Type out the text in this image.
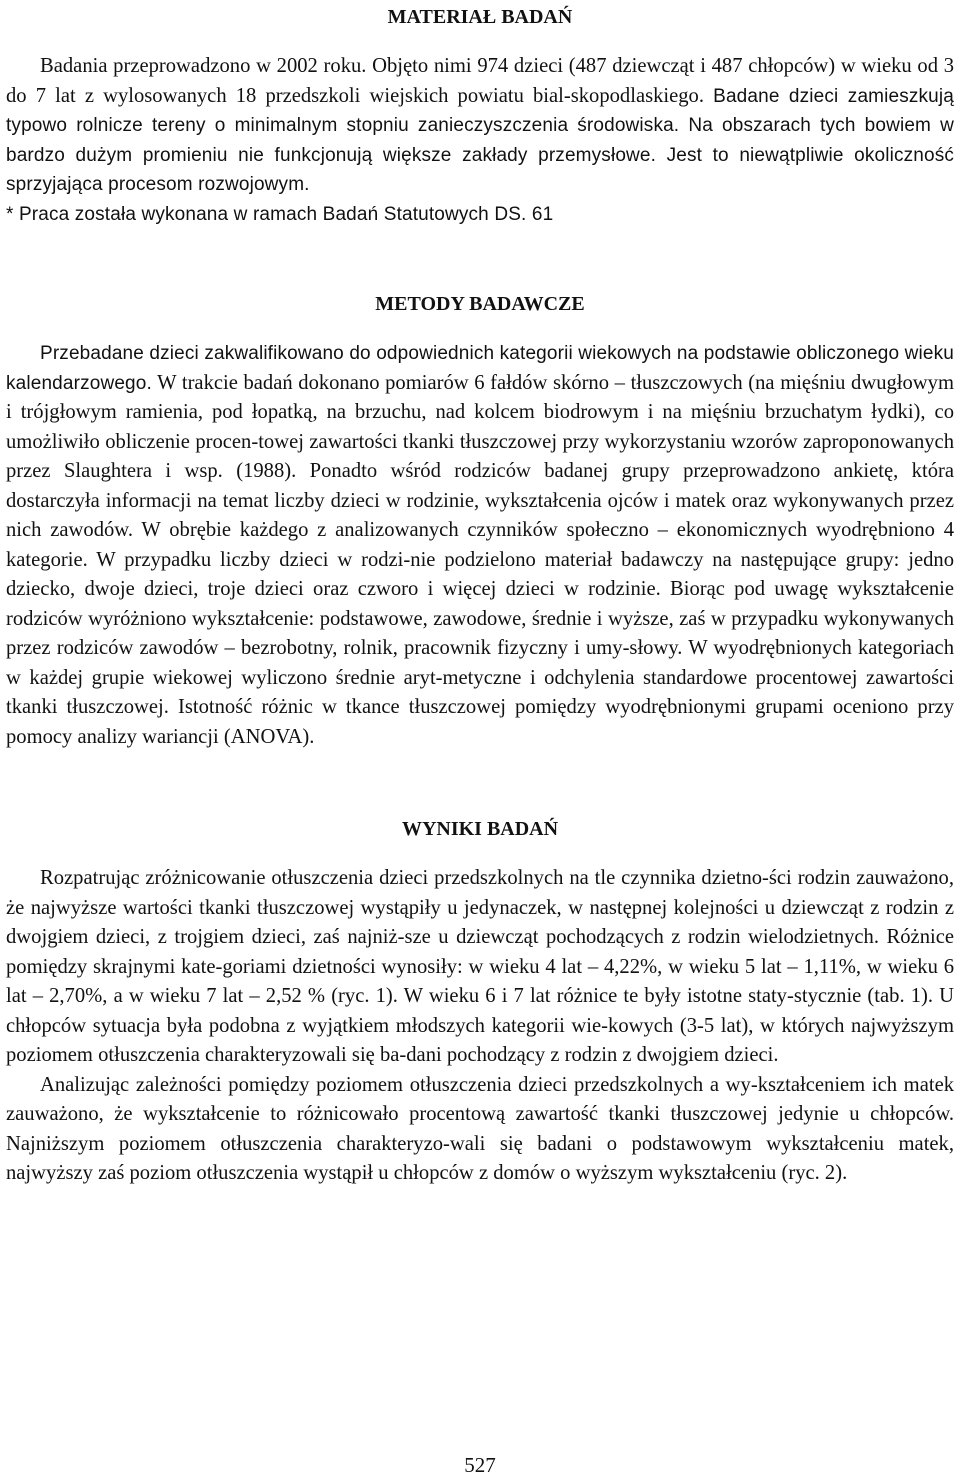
MATERIAŁ BADAŃ

Badania przeprowadzono w 2002 roku. Objęto nimi 974 dzieci (487 dziewcząt i 487 chłopców) w wieku od 3 do 7 lat z wylosowanych 18 przedszkoli wiejskich powiatu bial-skopodlaskiego. Badane dzieci zamieszkują typowo rolnicze tereny o minimalnym stopniu zanieczyszczenia środowiska. Na obszarach tych bowiem w bardzo dużym promieniu nie funkcjonują większe zakłady przemysłowe. Jest to niewątpliwie okoliczność sprzyjająca procesom rozwojowym.

* Praca została wykonana w ramach Badań Statutowych DS. 61

METODY BADAWCZE

Przebadane dzieci zakwalifikowano do odpowiednich kategorii wiekowych na podstawie obliczonego wieku kalendarzowego. W trakcie badań dokonano pomiarów 6 fałdów skórno – tłuszczowych (na mięśniu dwugłowym i trójgłowym ramienia, pod łopatką, na brzuchu, nad kolcem biodrowym i na mięśniu brzuchatym łydki), co umożliwiło obliczenie procen-towej zawartości tkanki tłuszczowej przy wykorzystaniu wzorów zaproponowanych przez Slaughtera i wsp. (1988). Ponadto wśród rodziców badanej grupy przeprowadzono ankietę, która dostarczyła informacji na temat liczby dzieci w rodzinie, wykształcenia ojców i matek oraz wykonywanych przez nich zawodów. W obrębie każdego z analizowanych czynników społeczno – ekonomicznych wyodrębniono 4 kategorie. W przypadku liczby dzieci w rodzi-nie podzielono materiał badawczy na następujące grupy: jedno dziecko, dwoje dzieci, troje dzieci oraz czworo i więcej dzieci w rodzinie. Biorąc pod uwagę wykształcenie rodziców wyróżniono wykształcenie: podstawowe, zawodowe, średnie i wyższe, zaś w przypadku wykonywanych przez rodziców zawodów – bezrobotny, rolnik, pracownik fizyczny i umy-słowy. W wyodrębnionych kategoriach w każdej grupie wiekowej wyliczono średnie aryt-metyczne i odchylenia standardowe procentowej zawartości tkanki tłuszczowej. Istotność różnic w tkance tłuszczowej pomiędzy wyodrębnionymi grupami oceniono przy pomocy analizy wariancji (ANOVA).

WYNIKI BADAŃ

Rozpatrując zróżnicowanie otłuszczenia dzieci przedszkolnych na tle czynnika dzietno-ści rodzin zauważono, że najwyższe wartości tkanki tłuszczowej wystąpiły u jedynaczek, w następnej kolejności u dziewcząt z rodzin z dwojgiem dzieci, z trojgiem dzieci, zaś najniż-sze u dziewcząt pochodzących z rodzin wielodzietnych. Różnice pomiędzy skrajnymi kate-goriami dzietności wynosiły: w wieku 4 lat – 4,22%, w wieku 5 lat – 1,11%, w wieku 6 lat – 2,70%, a w wieku 7 lat – 2,52 % (ryc. 1). W wieku 6 i 7 lat różnice te były istotne staty-stycznie (tab. 1). U chłopców sytuacja była podobna z wyjątkiem młodszych kategorii wie-kowych (3-5 lat), w których najwyższym poziomem otłuszczenia charakteryzowali się ba-dani pochodzący z rodzin z dwojgiem dzieci.

Analizując zależności pomiędzy poziomem otłuszczenia dzieci przedszkolnych a wy-kształceniem ich matek zauważono, że wykształcenie to różnicowało procentową zawartość tkanki tłuszczowej jedynie u chłopców. Najniższym poziomem otłuszczenia charakteryzo-wali się badani o podstawowym wykształceniu matek, najwyższy zaś poziom otłuszczenia wystąpił u chłopców z domów o wyższym wykształceniu (ryc. 2).

527
